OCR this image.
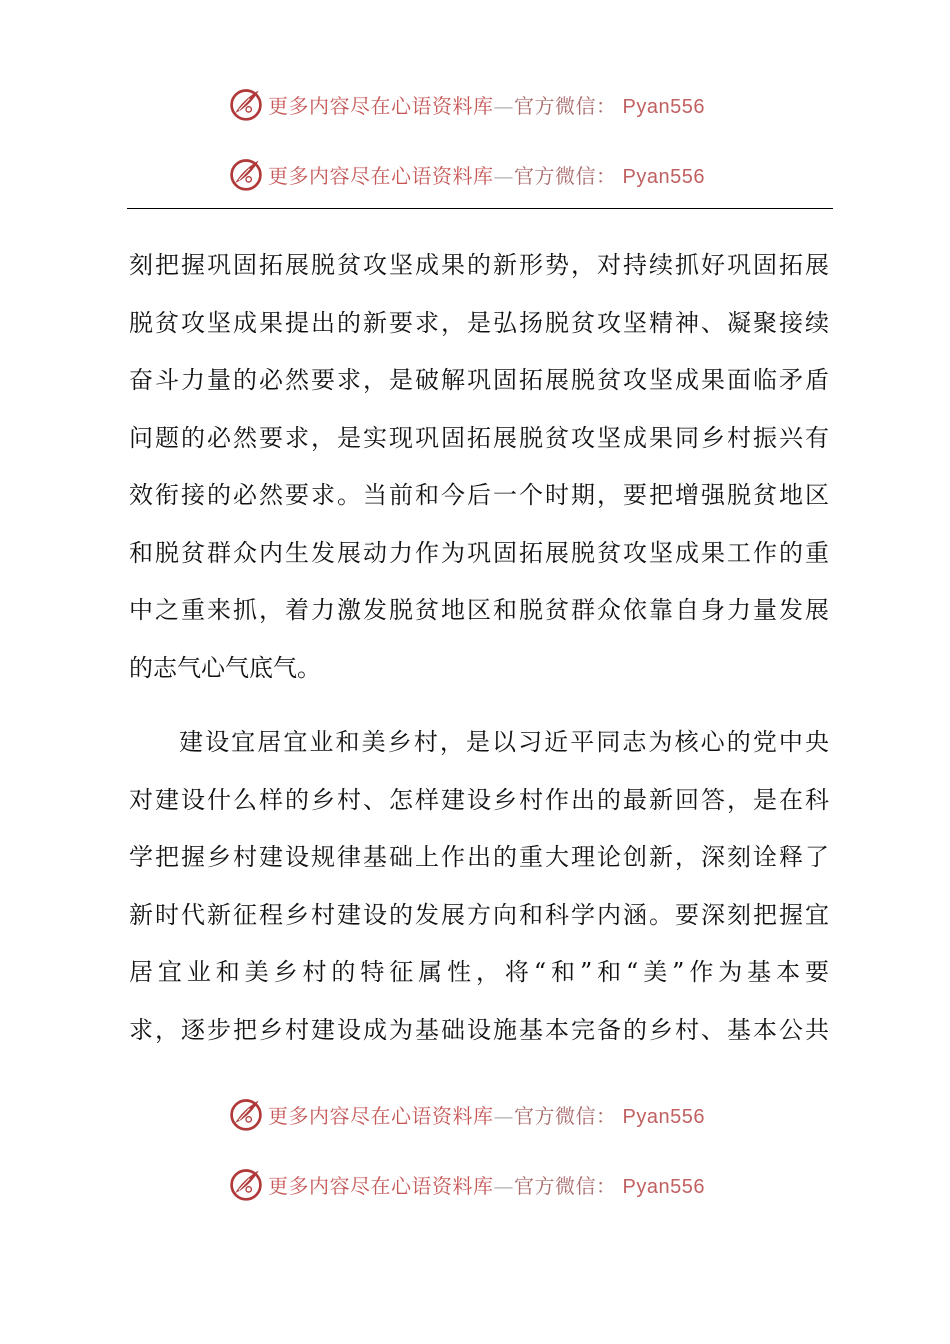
更多内容尽在心语资料库—官方微信： Pyan556
更多内容尽在心语资料库—官方微信： Pyan556
刻把握巩固拓展脱贫攻坚成果的新形势，对持续抓好巩固拓展
脱贫攻坚成果提出的新要求，是弘扬脱贫攻坚精神、凝聚接续
奋斗力量的必然要求，是破解巩固拓展脱贫攻坚成果面临矛盾
问题的必然要求，是实现巩固拓展脱贫攻坚成果同乡村振兴有
效衔接的必然要求。当前和今后一个时期，要把增强脱贫地区
和脱贫群众内生发展动力作为巩固拓展脱贫攻坚成果工作的重
中之重来抓，着力激发脱贫地区和脱贫群众依靠自身力量发展
的志气心气底气。
建设宜居宜业和美乡村，是以习近平同志为核心的党中央
对建设什么样的乡村、怎样建设乡村作出的最新回答，是在科
学把握乡村建设规律基础上作出的重大理论创新，深刻诠释了
新时代新征程乡村建设的发展方向和科学内涵。要深刻把握宜
居宜业和美乡村的特征属性，将“和”和“美”作为基本要
求，逐步把乡村建设成为基础设施基本完备的乡村、基本公共
更多内容尽在心语资料库—官方微信： Pyan556
更多内容尽在心语资料库—官方微信： Pyan556
